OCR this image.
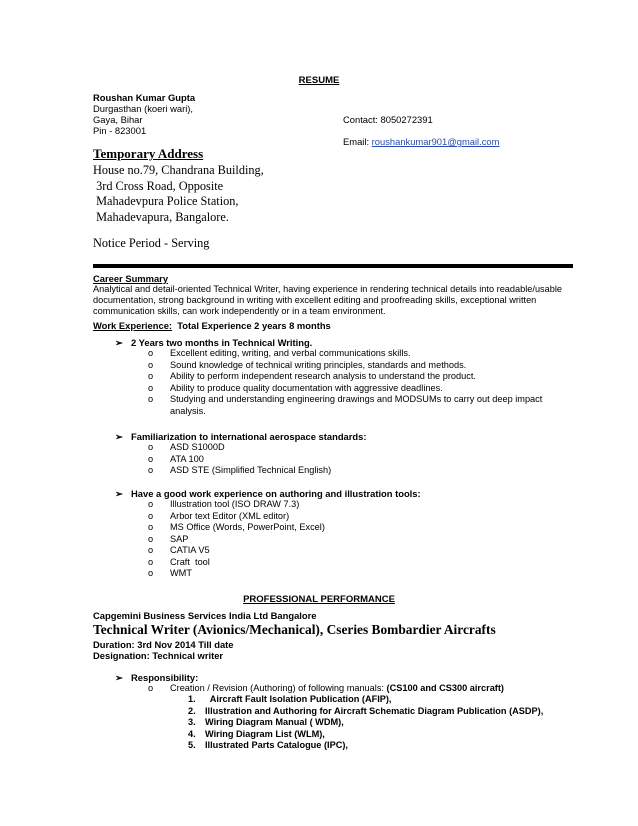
RESUME
Roushan Kumar Gupta
Durgasthan (koeri wari),
Gaya, Bihar
Pin - 823001
Contact: 8050272391
Email: roushankumar901@gmail.com
Temporary Address
House no.79, Chandrana Building,
3rd Cross Road, Opposite
Mahadevpura Police Station,
Mahadevapura, Bangalore.
Notice Period - Serving
Career Summary
Analytical and detail-oriented Technical Writer, having experience in rendering technical details into readable/usable
documentation, strong background in writing with excellent editing and proofreading skills, exceptional written
communication skills, can work independently or in a team environment.
Work Experience:  Total Experience 2 years 8 months
➢ 2 Years two months in Technical Writing.
o Excellent editing, writing, and verbal communications skills.
o Sound knowledge of technical writing principles, standards and methods.
o Ability to perform independent research analysis to understand the product.
o Ability to produce quality documentation with aggressive deadlines.
o Studying and understanding engineering drawings and MODSUMs to carry out deep impact
analysis.
➢ Familiarization to international aerospace standards:
o ASD S1000D
o ATA 100
o ASD STE (Simplified Technical English)
➢ Have a good work experience on authoring and illustration tools:
o Illustration tool (ISO DRAW 7.3)
o Arbor text Editor (XML editor)
o MS Office (Words, PowerPoint, Excel)
o SAP
o CATIA V5
o Craft  tool
o WMT
PROFESSIONAL PERFORMANCE
Capgemini Business Services India Ltd Bangalore
Technical Writer (Avionics/Mechanical), Cseries Bombardier Aircrafts
Duration: 3rd Nov 2014 Till date
Designation: Technical writer
➢ Responsibility:
o Creation / Revision (Authoring) of following manuals: (CS100 and CS300 aircraft)
1. Aircraft Fault Isolation Publication (AFIP),
2. Illustration and Authoring for Aircraft Schematic Diagram Publication (ASDP),
3. Wiring Diagram Manual ( WDM),
4. Wiring Diagram List (WLM),
5. Illustrated Parts Catalogue (IPC),
